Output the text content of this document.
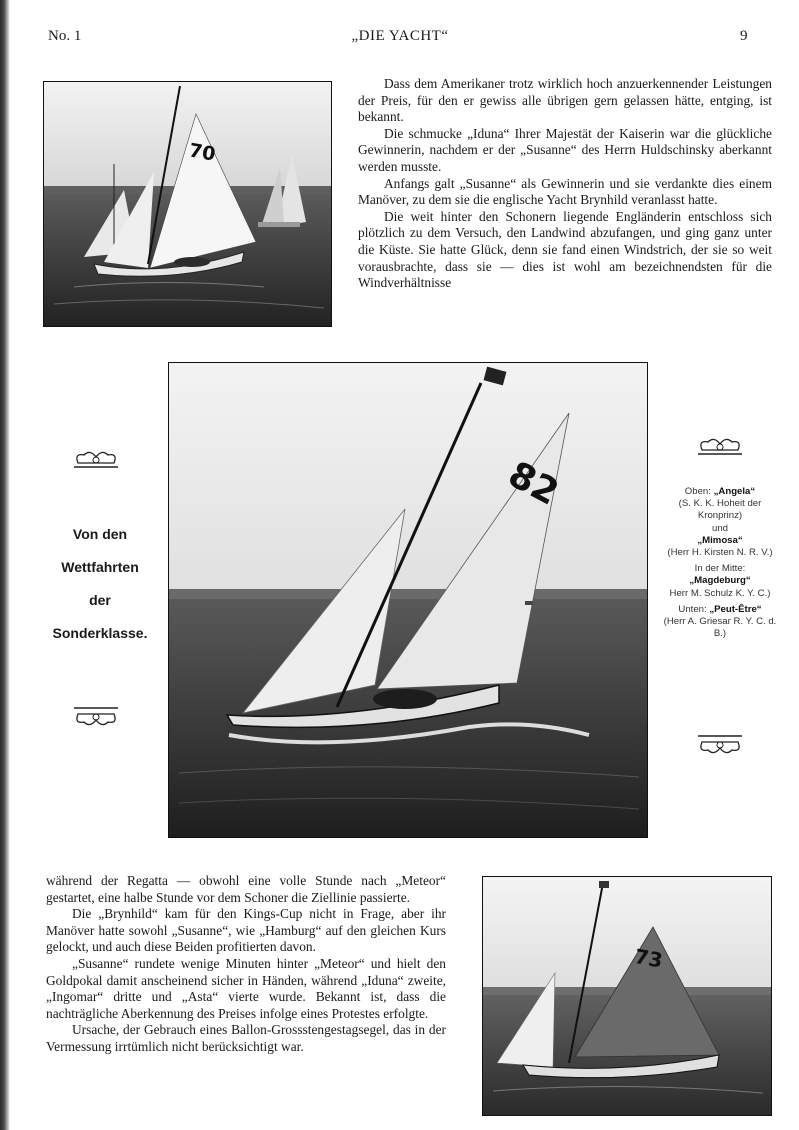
No. 1	„DIE YACHT“	9
70

Dass dem Amerikaner trotz wirklich hoch anzuerkennender Leistungen der Preis, für den er gewiss alle übrigen gern gelassen hätte, entging, ist bekannt.

Die schmucke „Iduna“ Ihrer Majestät der Kaiserin war die glückliche Gewinnerin, nachdem er der „Susanne“ des Herrn Huldschinsky aberkannt werden musste.

Anfangs galt „Susanne“ als Gewinnerin und sie verdankte dies einem Manöver, zu dem sie die englische Yacht Brynhild veranlasst hatte.

Die weit hinter den Schonern liegende Engländerin entschloss sich plötzlich zu dem Versuch, den Landwind abzufangen, und ging ganz unter die Küste. Sie hatte Glück, denn sie fand einen Windstrich, der sie so weit vorausbrachte, dass sie — dies ist wohl am bezeichnendsten für die Windverhältnisse

Von den
Wettfahrten
der
Sonderklasse.
82	Oben: „Angela“
(S. K. K. Hoheit der Kronprinz)
und
„Mimosa“
(Herr H. Kirsten N. R. V.)
In der Mitte:
„Magdeburg“
Herr M. Schulz K. Y. C.)
Unten: „Peut-Être“
(Herr A. Griesar R. Y. C. d. B.)

während der Regatta — obwohl eine volle Stunde nach „Meteor“ gestartet, eine halbe Stunde vor dem Schoner die Ziellinie passierte.

Die „Brynhild“ kam für den Kings-Cup nicht in Frage, aber ihr Manöver hatte sowohl „Susanne“, wie „Hamburg“ auf den gleichen Kurs gelockt, und auch diese Beiden profitierten davon.

„Susanne“ rundete wenige Minuten hinter „Meteor“ und hielt den Goldpokal damit anscheinend sicher in Händen, während „Iduna“ zweite, „Ingomar“ dritte und „Asta“ vierte wurde. Bekannt ist, dass die nachträgliche Aberkennung des Preises infolge eines Protestes erfolgte.

Ursache, der Gebrauch eines Ballon-Grossstengestagsegel, das in der Vermessung irrtümlich nicht berücksichtigt war.

73
